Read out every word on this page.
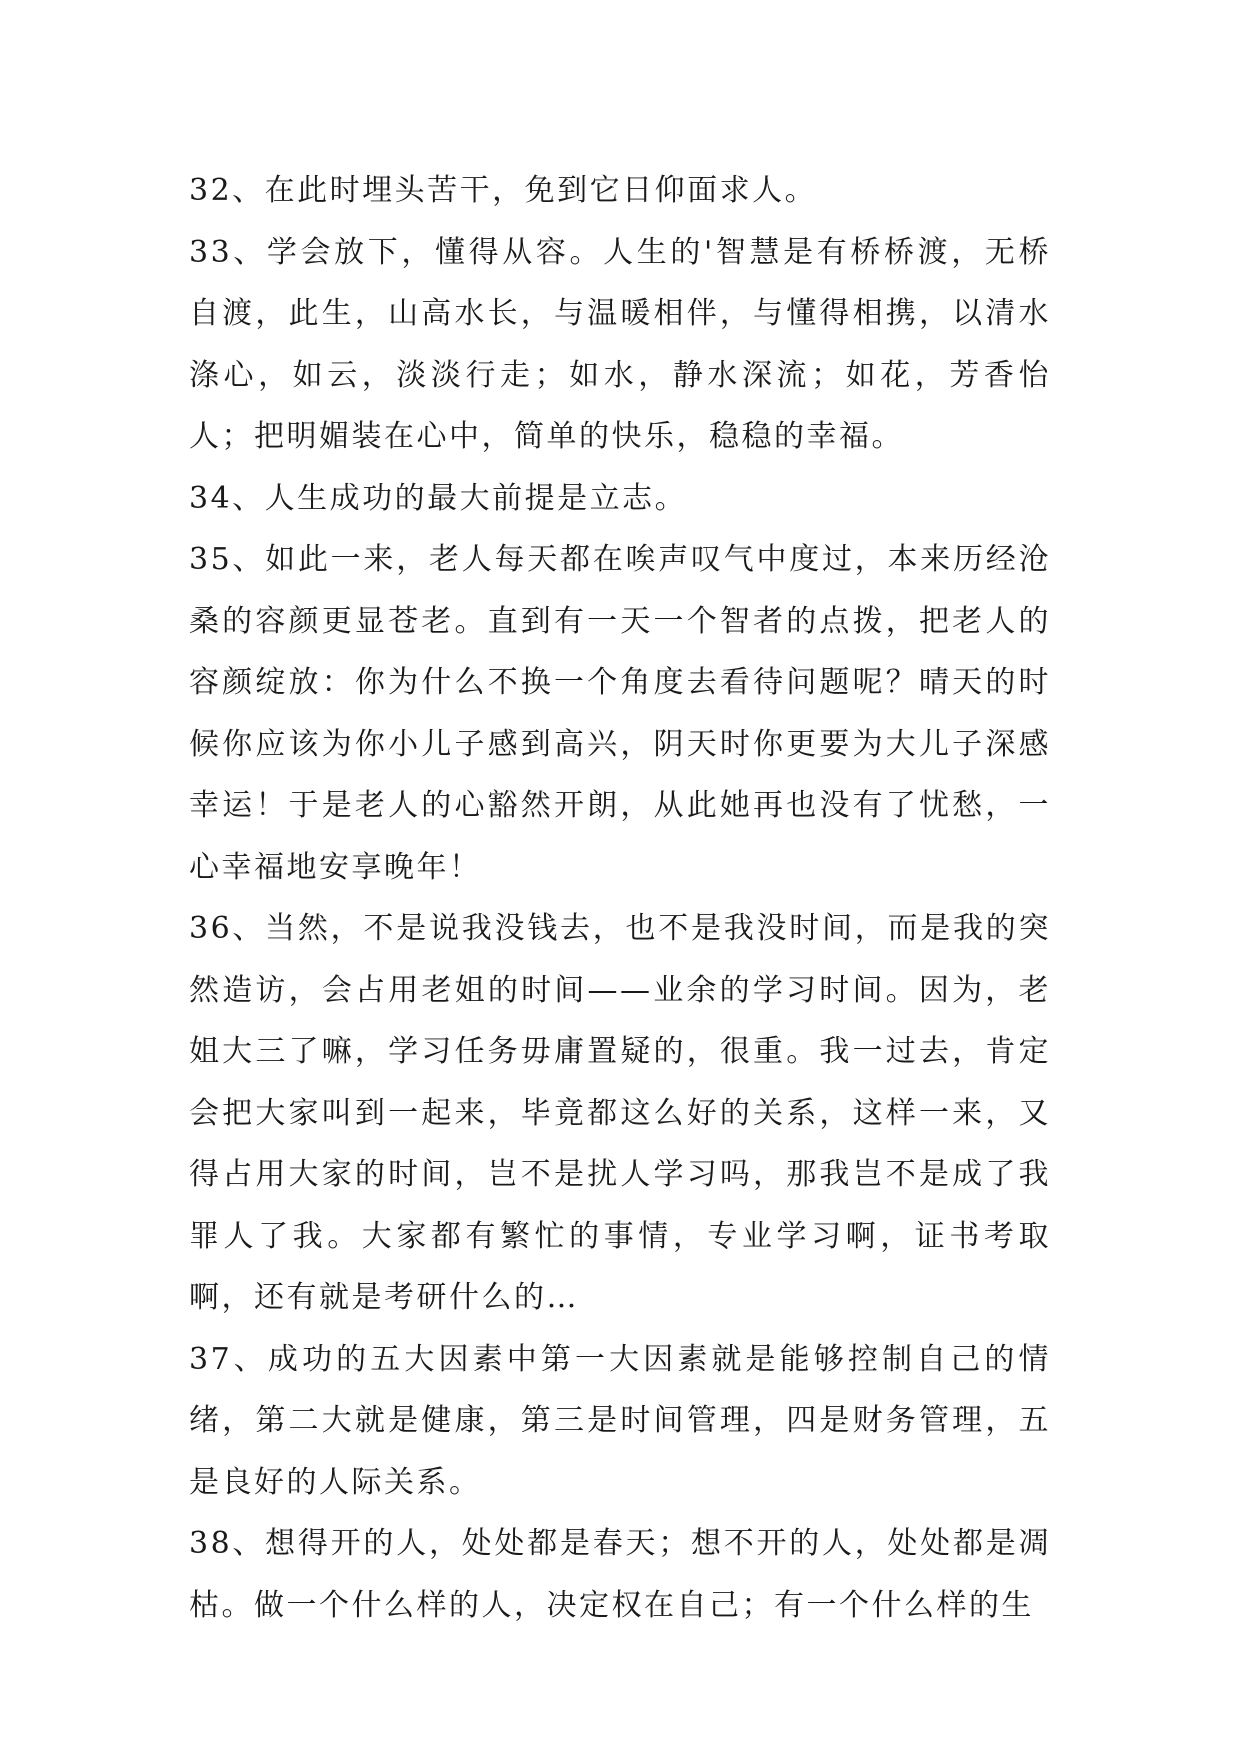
32、在此时埋头苦干，免到它日仰面求人。

33、学会放下，懂得从容。人生的'智慧是有桥桥渡，无桥自渡，此生，山高水长，与温暖相伴，与懂得相携，以清水涤心，如云，淡淡行走；如水，静水深流；如花，芳香怡人；把明媚装在心中，简单的快乐，稳稳的幸福。

34、人生成功的最大前提是立志。

35、如此一来，老人每天都在唉声叹气中度过，本来历经沧桑的容颜更显苍老。直到有一天一个智者的点拨，把老人的容颜绽放：你为什么不换一个角度去看待问题呢？晴天的时候你应该为你小儿子感到高兴，阴天时你更要为大儿子深感幸运！于是老人的心豁然开朗，从此她再也没有了忧愁，一心幸福地安享晚年！

36、当然，不是说我没钱去，也不是我没时间，而是我的突然造访，会占用老姐的时间——业余的学习时间。因为，老姐大三了嘛，学习任务毋庸置疑的，很重。我一过去，肯定会把大家叫到一起来，毕竟都这么好的关系，这样一来，又得占用大家的时间，岂不是扰人学习吗，那我岂不是成了我罪人了我。大家都有繁忙的事情，专业学习啊，证书考取啊，还有就是考研什么的…

37、成功的五大因素中第一大因素就是能够控制自己的情绪，第二大就是健康，第三是时间管理，四是财务管理，五是良好的人际关系。

38、想得开的人，处处都是春天；想不开的人，处处都是凋枯。做一个什么样的人，决定权在自己；有一个什么样的生
